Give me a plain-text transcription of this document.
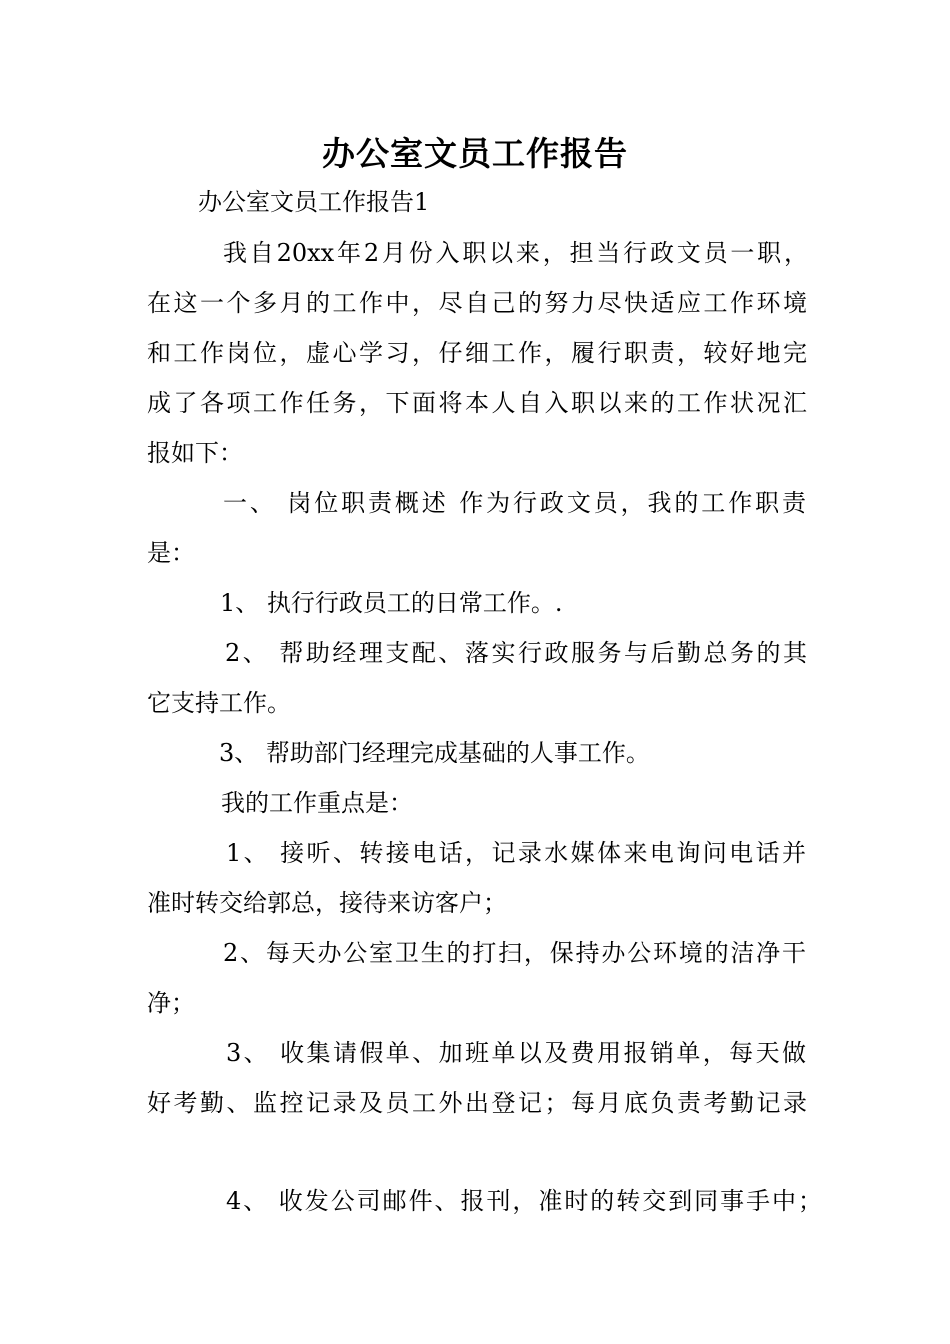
办公室文员工作报告
办公室文员工作报告1
我自20xx年2月份入职以来，担当行政文员一职，
在这一个多月的工作中，尽自己的努力尽快适应工作环境
和工作岗位，虚心学习，仔细工作，履行职责，较好地完
成了各项工作任务，下面将本人自入职以来的工作状况汇
报如下：
一、 岗位职责概述 作为行政文员，我的工作职责
是：
1、 执行行政员工的日常工作。.
2、 帮助经理支配、落实行政服务与后勤总务的其
它支持工作。
3、 帮助部门经理完成基础的人事工作。
我的工作重点是：
1、 接听、转接电话，记录水媒体来电询问电话并
准时转交给郭总，接待来访客户；
2、每天办公室卫生的打扫，保持办公环境的洁净干
净；
3、 收集请假单、加班单以及费用报销单，每天做
好考勤、监控记录及员工外出登记；每月底负责考勤记录
4、 收发公司邮件、报刊，准时的转交到同事手中；
